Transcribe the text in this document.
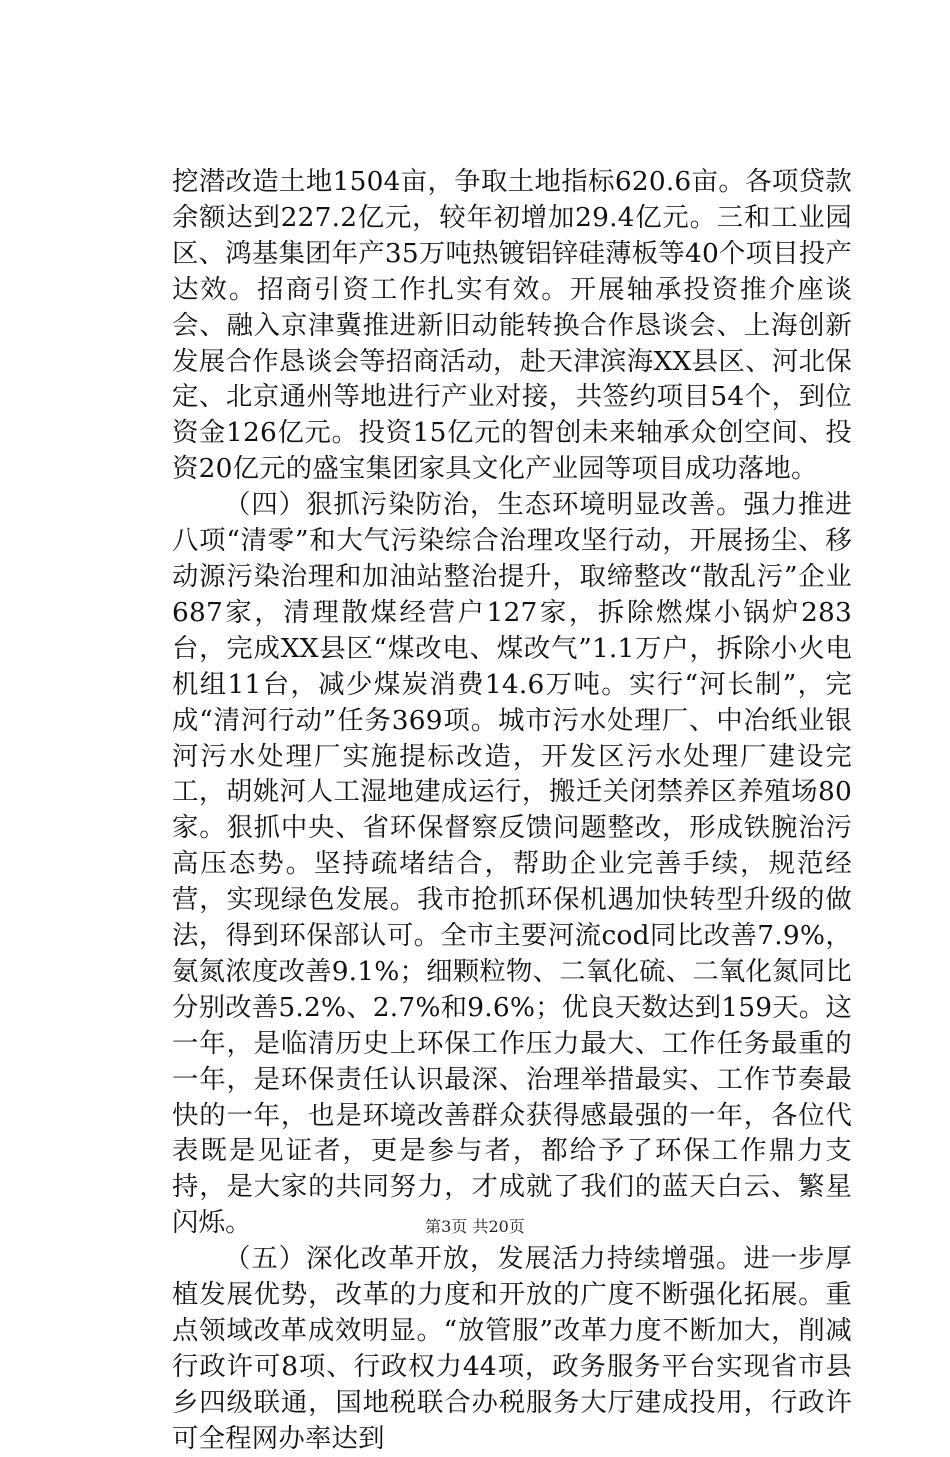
挖潜改造土地1504亩，争取土地指标620.6亩。各项贷款余额达到227.2亿元，较年初增加29.4亿元。三和工业园区、鸿基集团年产35万吨热镀铝锌硅薄板等40个项目投产达效。招商引资工作扎实有效。开展轴承投资推介座谈会、融入京津冀推进新旧动能转换合作恳谈会、上海创新发展合作恳谈会等招商活动，赴天津滨海XX县区、河北保定、北京通州等地进行产业对接，共签约项目54个，到位资金126亿元。投资15亿元的智创未来轴承众创空间、投资20亿元的盛宝集团家具文化产业园等项目成功落地。

（四）狠抓污染防治，生态环境明显改善。强力推进八项“清零”和大气污染综合治理攻坚行动，开展扬尘、移动源污染治理和加油站整治提升，取缔整改“散乱污”企业687家，清理散煤经营户127家，拆除燃煤小锅炉283台，完成XX县区“煤改电、煤改气”1.1万户，拆除小火电机组11台，减少煤炭消费14.6万吨。实行“河长制”，完成“清河行动”任务369项。城市污水处理厂、中冶纸业银河污水处理厂实施提标改造，开发区污水处理厂建设完工，胡姚河人工湿地建成运行，搬迁关闭禁养区养殖场80家。狠抓中央、省环保督察反馈问题整改，形成铁腕治污高压态势。坚持疏堵结合，帮助企业完善手续，规范经营，实现绿色发展。我市抢抓环保机遇加快转型升级的做法，得到环保部认可。全市主要河流cod同比改善7.9%，氨氮浓度改善9.1%；细颗粒物、二氧化硫、二氧化氮同比分别改善5.2%、2.7%和9.6%；优良天数达到159天。这一年，是临清历史上环保工作压力最大、工作任务最重的一年，是环保责任认识最深、治理举措最实、工作节奏最快的一年，也是环境改善群众获得感最强的一年，各位代表既是见证者，更是参与者，都给予了环保工作鼎力支持，是大家的共同努力，才成就了我们的蓝天白云、繁星闪烁。

（五）深化改革开放，发展活力持续增强。进一步厚植发展优势，改革的力度和开放的广度不断强化拓展。重点领域改革成效明显。“放管服”改革力度不断加大，削减行政许可8项、行政权力44项，政务服务平台实现省市县乡四级联通，国地税联合办税服务大厅建成投用，行政许可全程网办率达到

第3页 共20页
